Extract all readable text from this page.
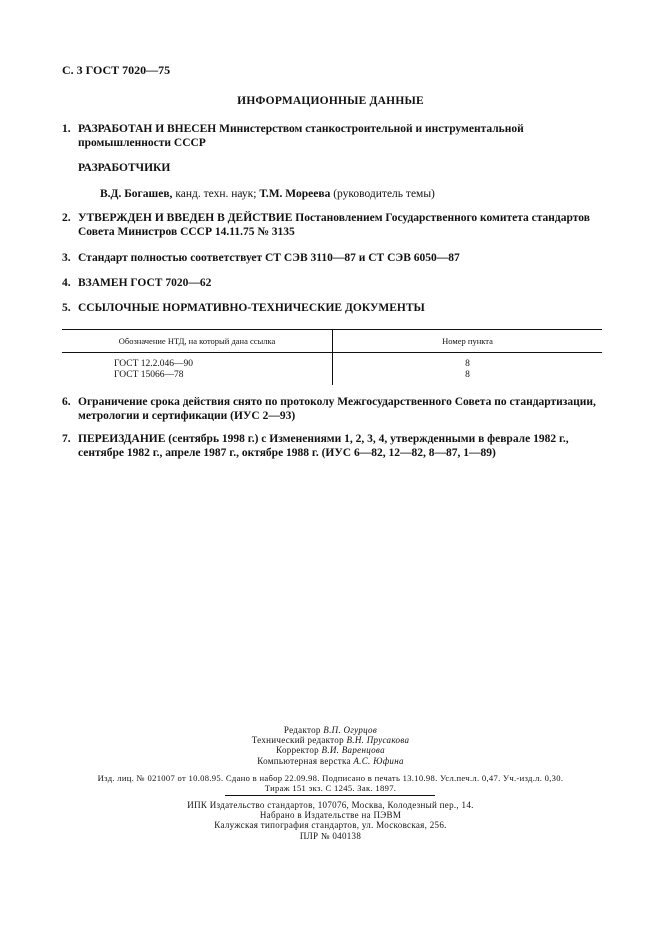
С. 3 ГОСТ 7020—75
ИНФОРМАЦИОННЫЕ ДАННЫЕ
1. РАЗРАБОТАН И ВНЕСЕН Министерством станкостроительной и инструментальной промышленности СССР
РАЗРАБОТЧИКИ
В.Д. Богашев, канд. техн. наук; Т.М. Мореева (руководитель темы)
2. УТВЕРЖДЕН И ВВЕДЕН В ДЕЙСТВИЕ Постановлением Государственного комитета стандартов Совета Министров СССР 14.11.75 № 3135
3. Стандарт полностью соответствует СТ СЭВ 3110—87 и СТ СЭВ 6050—87
4. ВЗАМЕН ГОСТ 7020—62
5. ССЫЛОЧНЫЕ НОРМАТИВНО-ТЕХНИЧЕСКИЕ ДОКУМЕНТЫ
Обозначение НТД, на который дана ссылка	Номер пункта

ГОСТ 12.2.046—90	8
ГОСТ 15066—78	8

6. Ограничение срока действия снято по протоколу Межгосударственного Совета по стандартизации, метрологии и сертификации (ИУС 2—93)
7. ПЕРЕИЗДАНИЕ (сентябрь 1998 г.) с Изменениями 1, 2, 3, 4, утвержденными в феврале 1982 г., сентябре 1982 г., апреле 1987 г., октябре 1988 г. (ИУС 6—82, 12—82, 8—87, 1—89)
Редактор В.П. Огурцов
Технический редактор В.Н. Прусакова
Корректор В.И. Варенцова
Компьютерная верстка А.С. Юфина
Изд. лиц. № 021007 от 10.08.95. Сдано в набор 22.09.98. Подписано в печать 13.10.98. Усл.печ.л. 0,47. Уч.-изд.л. 0,30.
Тираж 151 экз. С 1245. Зак. 1897.
ИПК Издательство стандартов, 107076, Москва, Колодезный пер., 14.
Набрано в Издательстве на ПЭВМ
Калужская типография стандартов, ул. Московская, 256.
ПЛР № 040138
